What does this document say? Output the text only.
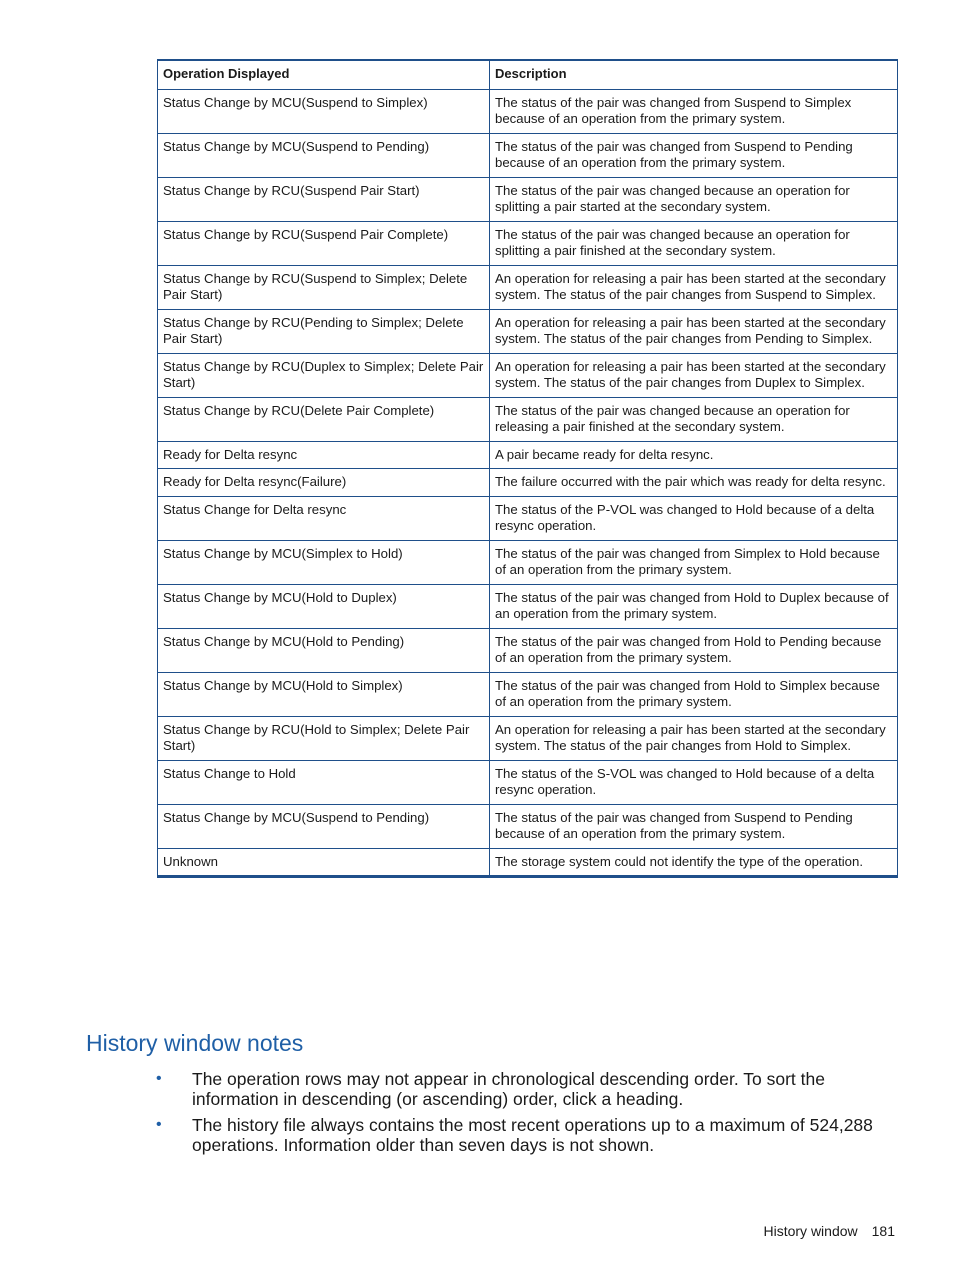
Operation Displayed	Description
Status Change by MCU(Suspend to Simplex)	The status of the pair was changed from Suspend to Simplex because of an operation from the primary system.
Status Change by MCU(Suspend to Pending)	The status of the pair was changed from Suspend to Pending because of an operation from the primary system.
Status Change by RCU(Suspend Pair Start)	The status of the pair was changed because an operation for splitting a pair started at the secondary system.
Status Change by RCU(Suspend Pair Complete)	The status of the pair was changed because an operation for splitting a pair finished at the secondary system.
Status Change by RCU(Suspend to Simplex; Delete Pair Start)	An operation for releasing a pair has been started at the secondary system. The status of the pair changes from Suspend to Simplex.
Status Change by RCU(Pending to Simplex; Delete Pair Start)	An operation for releasing a pair has been started at the secondary system. The status of the pair changes from Pending to Simplex.
Status Change by RCU(Duplex to Simplex; Delete Pair Start)	An operation for releasing a pair has been started at the secondary system. The status of the pair changes from Duplex to Simplex.
Status Change by RCU(Delete Pair Complete)	The status of the pair was changed because an operation for releasing a pair finished at the secondary system.
Ready for Delta resync	A pair became ready for delta resync.
Ready for Delta resync(Failure)	The failure occurred with the pair which was ready for delta resync.
Status Change for Delta resync	The status of the P-VOL was changed to Hold because of a delta resync operation.
Status Change by MCU(Simplex to Hold)	The status of the pair was changed from Simplex to Hold because of an operation from the primary system.
Status Change by MCU(Hold to Duplex)	The status of the pair was changed from Hold to Duplex because of an operation from the primary system.
Status Change by MCU(Hold to Pending)	The status of the pair was changed from Hold to Pending because of an operation from the primary system.
Status Change by MCU(Hold to Simplex)	The status of the pair was changed from Hold to Simplex because of an operation from the primary system.
Status Change by RCU(Hold to Simplex; Delete Pair Start)	An operation for releasing a pair has been started at the secondary system. The status of the pair changes from Hold to Simplex.
Status Change to Hold	The status of the S-VOL was changed to Hold because of a delta resync operation.
Status Change by MCU(Suspend to Pending)	The status of the pair was changed from Suspend to Pending because of an operation from the primary system.
Unknown	The storage system could not identify the type of the operation.
History window notes
• The operation rows may not appear in chronological descending order. To sort the information in descending (or ascending) order, click a heading.
• The history file always contains the most recent operations up to a maximum of 524,288 operations. Information older than seven days is not shown.
History window 181
